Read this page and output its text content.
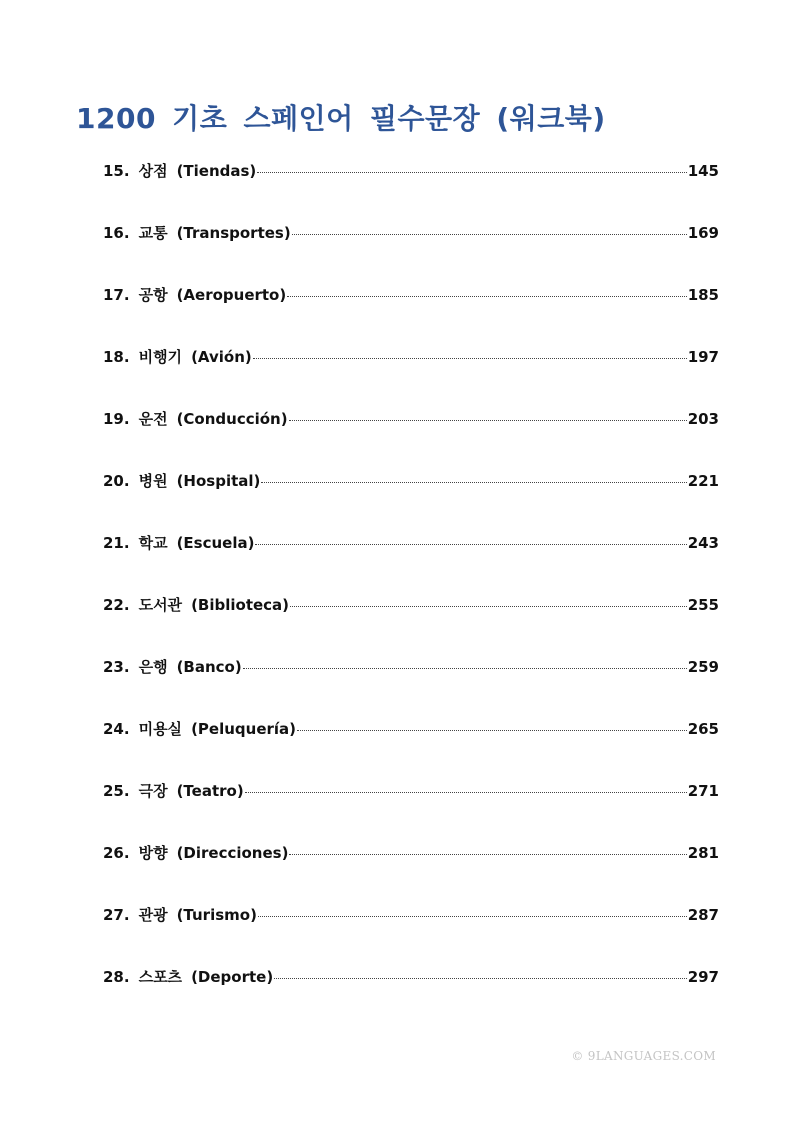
1200 기초 스페인어 필수문장 (워크북)
15. 상점 (Tiendas)	145
16. 교통 (Transportes)	169
17. 공항 (Aeropuerto)	185
18. 비행기 (Avión)	197
19. 운전 (Conducción)	203
20. 병원 (Hospital)	221
21. 학교 (Escuela)	243
22. 도서관 (Biblioteca)	255
23. 은행 (Banco)	259
24. 미용실 (Peluquería)	265
25. 극장 (Teatro)	271
26. 방향 (Direcciones)	281
27. 관광 (Turismo)	287
28. 스포츠 (Deporte)	297
© 9LANGUAGES.COM
